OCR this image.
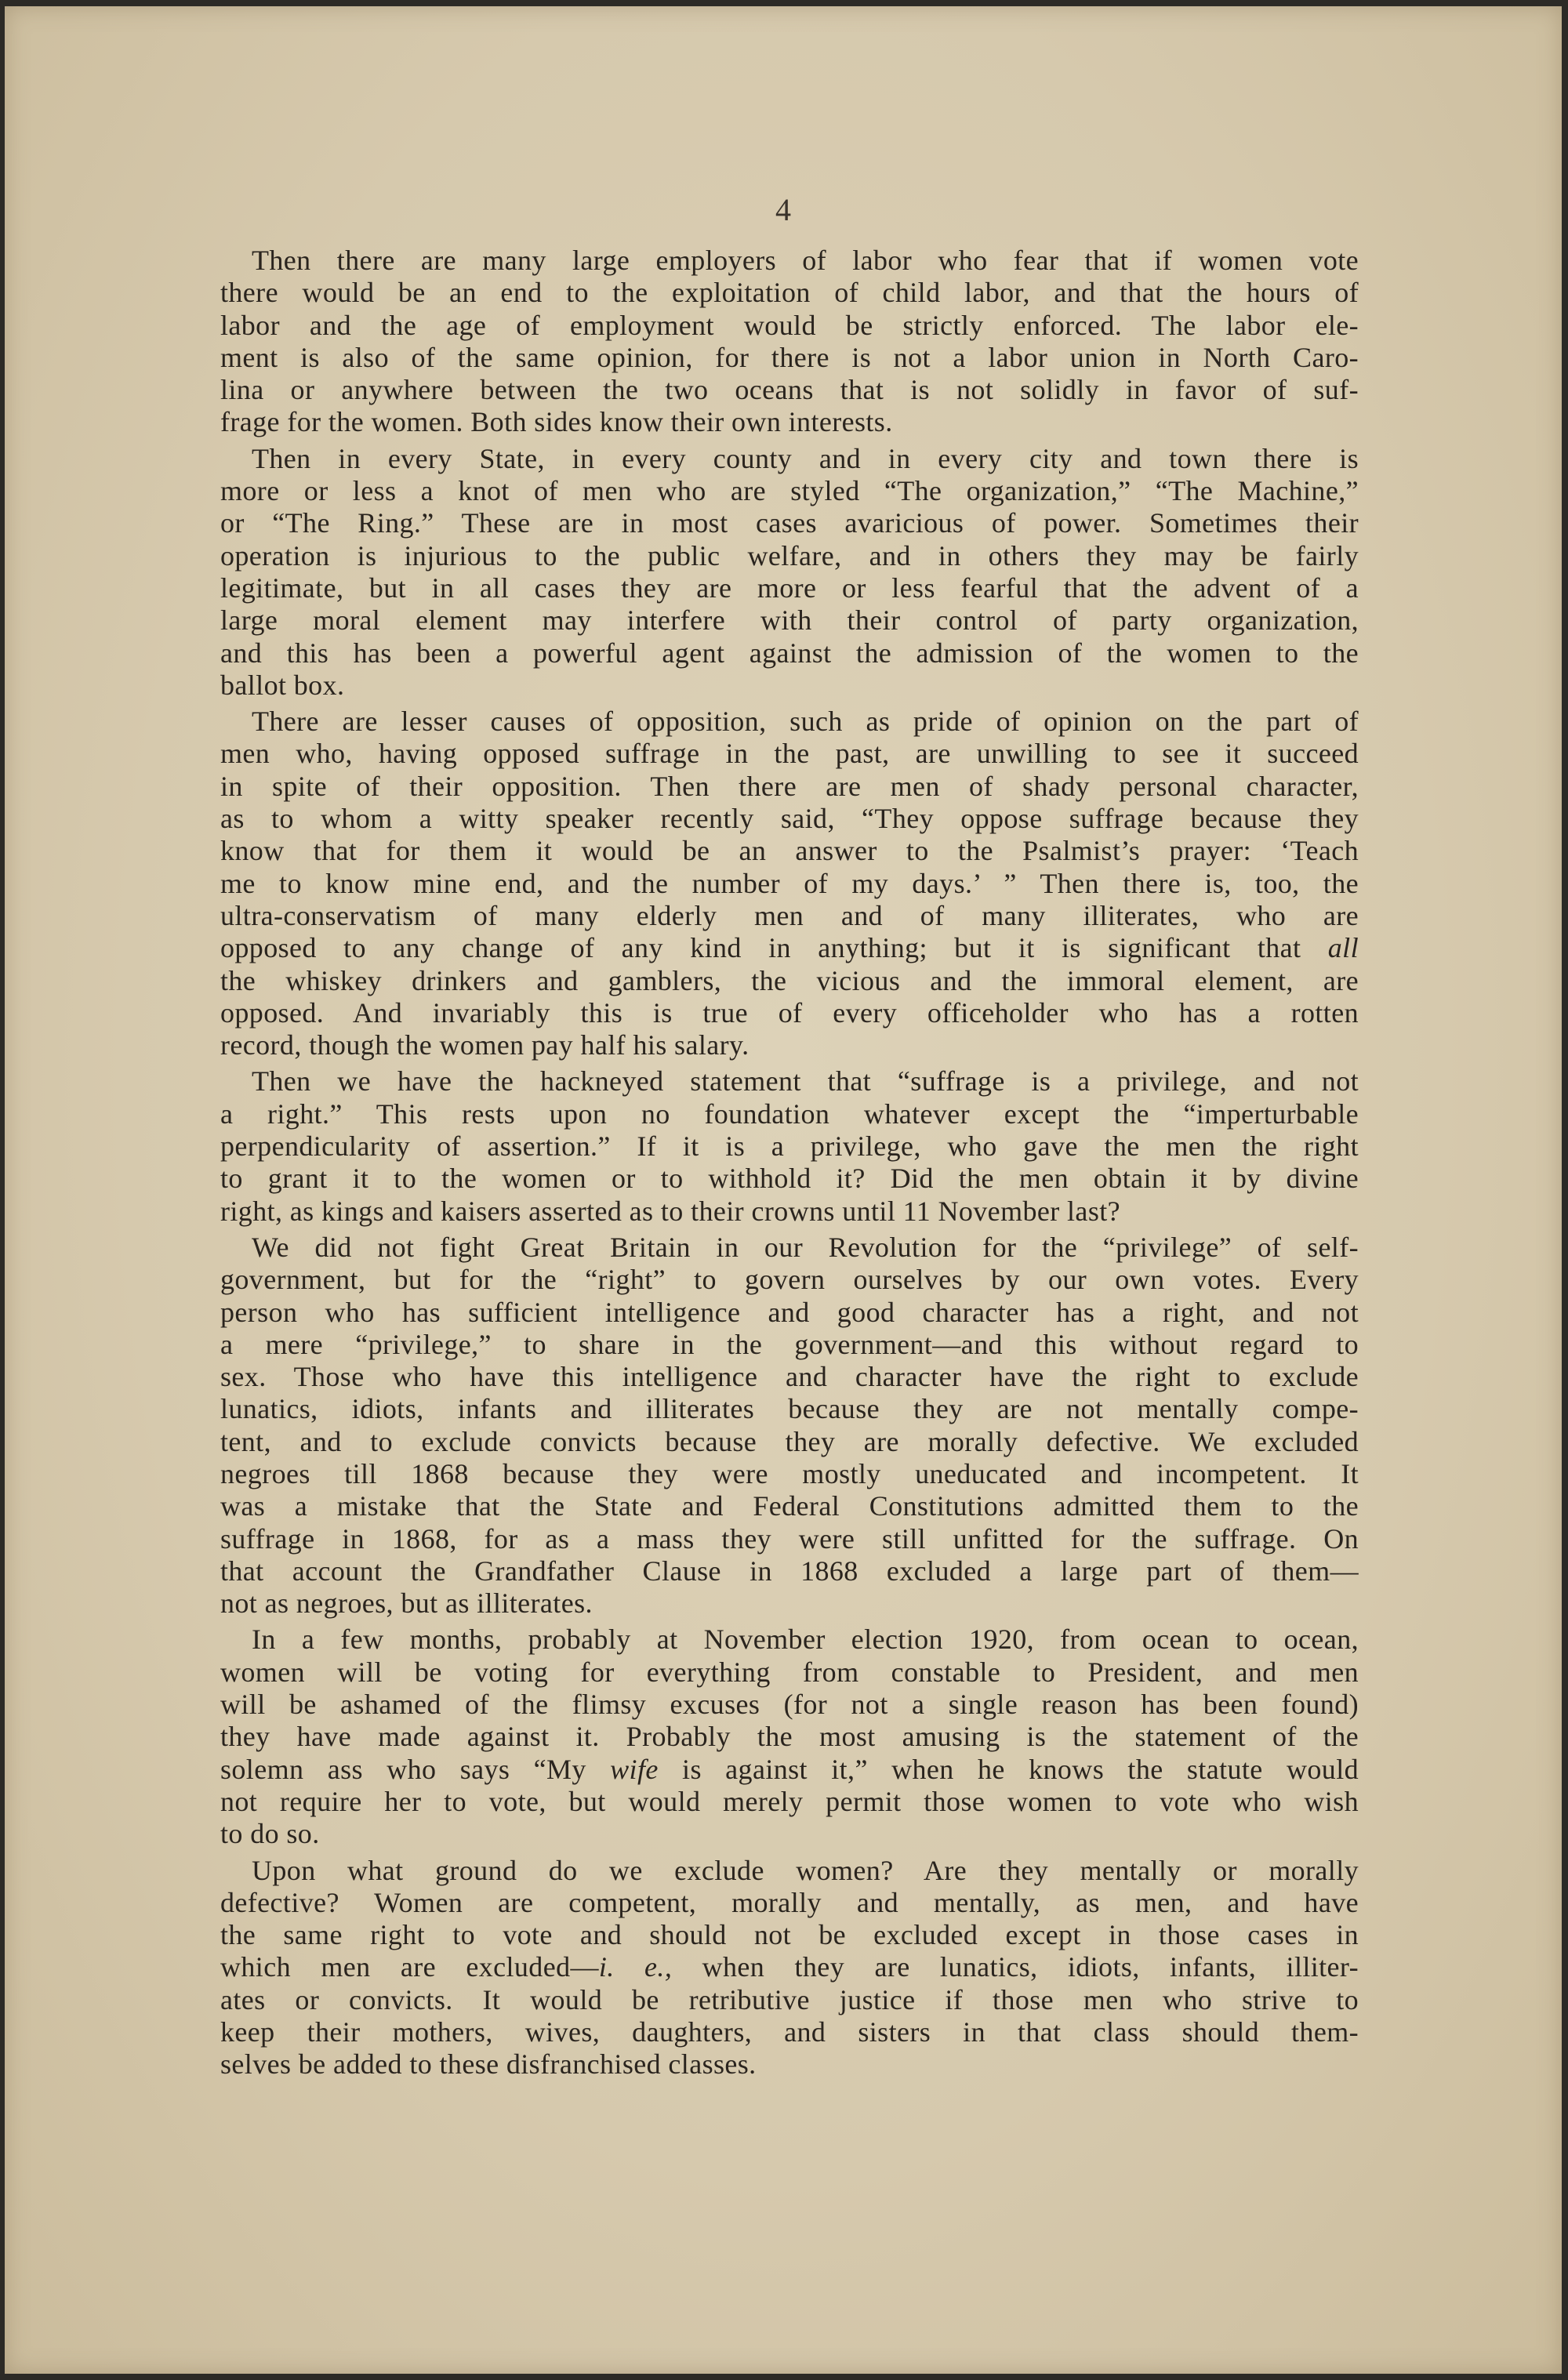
4
Then there are many large employers of labor who fear that if women vote
there would be an end to the exploitation of child labor, and that the hours of
labor and the age of employment would be strictly enforced. The labor ele-
ment is also of the same opinion, for there is not a labor union in North Caro-
lina or anywhere between the two oceans that is not solidly in favor of suf-
frage for the women. Both sides know their own interests.
Then in every State, in every county and in every city and town there is
more or less a knot of men who are styled “The organization,” “The Machine,”
or “The Ring.” These are in most cases avaricious of power. Sometimes their
operation is injurious to the public welfare, and in others they may be fairly
legitimate, but in all cases they are more or less fearful that the advent of a
large moral element may interfere with their control of party organization,
and this has been a powerful agent against the admission of the women to the
ballot box.
There are lesser causes of opposition, such as pride of opinion on the part of
men who, having opposed suffrage in the past, are unwilling to see it succeed
in spite of their opposition. Then there are men of shady personal character,
as to whom a witty speaker recently said, “They oppose suffrage because they
know that for them it would be an answer to the Psalmist’s prayer: ‘Teach
me to know mine end, and the number of my days.’ ” Then there is, too, the
ultra-conservatism of many elderly men and of many illiterates, who are
opposed to any change of any kind in anything; but it is significant that all
the whiskey drinkers and gamblers, the vicious and the immoral element, are
opposed. And invariably this is true of every officeholder who has a rotten
record, though the women pay half his salary.
Then we have the hackneyed statement that “suffrage is a privilege, and not
a right.” This rests upon no foundation whatever except the “imperturbable
perpendicularity of assertion.” If it is a privilege, who gave the men the right
to grant it to the women or to withhold it? Did the men obtain it by divine
right, as kings and kaisers asserted as to their crowns until 11 November last?
We did not fight Great Britain in our Revolution for the “privilege” of self-
government, but for the “right” to govern ourselves by our own votes. Every
person who has sufficient intelligence and good character has a right, and not
a mere “privilege,” to share in the government—and this without regard to
sex. Those who have this intelligence and character have the right to exclude
lunatics, idiots, infants and illiterates because they are not mentally compe-
tent, and to exclude convicts because they are morally defective. We excluded
negroes till 1868 because they were mostly uneducated and incompetent. It
was a mistake that the State and Federal Constitutions admitted them to the
suffrage in 1868, for as a mass they were still unfitted for the suffrage. On
that account the Grandfather Clause in 1868 excluded a large part of them—
not as negroes, but as illiterates.
In a few months, probably at November election 1920, from ocean to ocean,
women will be voting for everything from constable to President, and men
will be ashamed of the flimsy excuses (for not a single reason has been found)
they have made against it. Probably the most amusing is the statement of the
solemn ass who says “My wife is against it,” when he knows the statute would
not require her to vote, but would merely permit those women to vote who wish
to do so.
Upon what ground do we exclude women? Are they mentally or morally
defective? Women are competent, morally and mentally, as men, and have
the same right to vote and should not be excluded except in those cases in
which men are excluded—i. e., when they are lunatics, idiots, infants, illiter-
ates or convicts. It would be retributive justice if those men who strive to
keep their mothers, wives, daughters, and sisters in that class should them-
selves be added to these disfranchised classes.
